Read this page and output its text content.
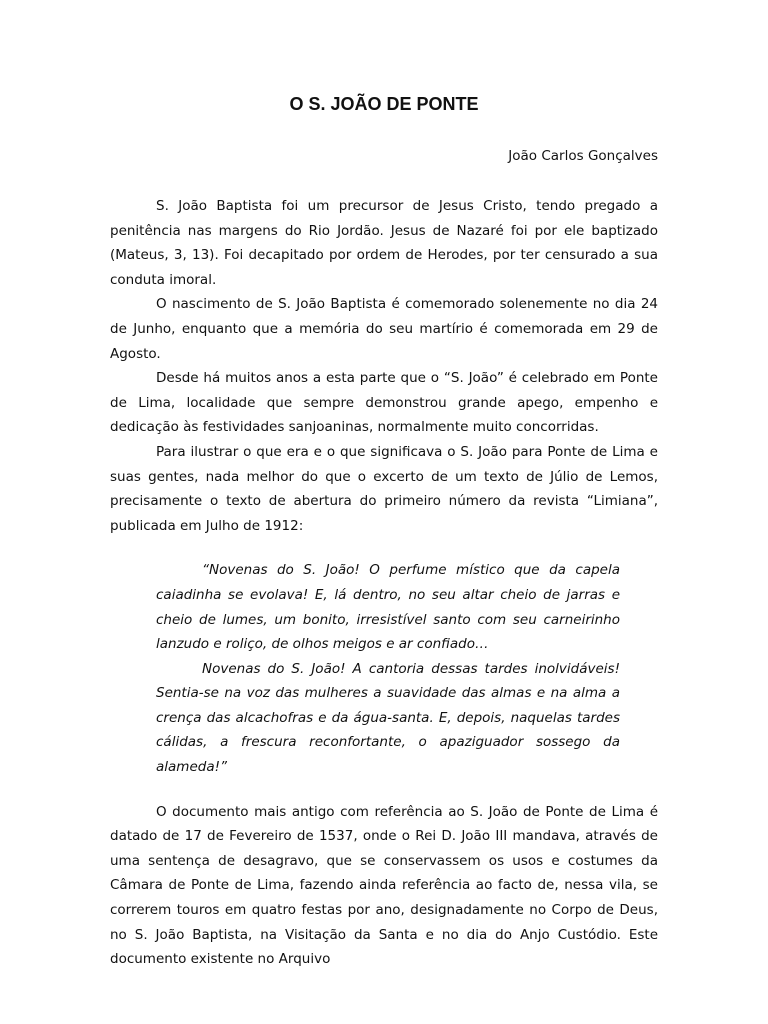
O S. JOÃO DE PONTE
João Carlos Gonçalves

S. João Baptista foi um precursor de Jesus Cristo, tendo pregado a penitência nas margens do Rio Jordão. Jesus de Nazaré foi por ele baptizado (Mateus, 3, 13). Foi decapitado por ordem de Herodes, por ter censurado a sua conduta imoral.

O nascimento de S. João Baptista é comemorado solenemente no dia 24 de Junho, enquanto que a memória do seu martírio é comemorada em 29 de Agosto.

Desde há muitos anos a esta parte que o “S. João” é celebrado em Ponte de Lima, localidade que sempre demonstrou grande apego, empenho e dedicação às festividades sanjoaninas, normalmente muito concorridas.

Para ilustrar o que era e o que significava o S. João para Ponte de Lima e suas gentes, nada melhor do que o excerto de um texto de Júlio de Lemos, precisamente o texto de abertura do primeiro número da revista “Limiana”, publicada em Julho de 1912:

“Novenas do S. João! O perfume místico que da capela caiadinha se evolava! E, lá dentro, no seu altar cheio de jarras e cheio de lumes, um bonito, irresistível santo com seu carneirinho lanzudo e roliço, de olhos meigos e ar confiado…

Novenas do S. João! A cantoria dessas tardes inolvidáveis! Sentia-se na voz das mulheres a suavidade das almas e na alma a crença das alcachofras e da água-santa. E, depois, naquelas tardes cálidas, a frescura reconfortante, o apaziguador sossego da alameda!”

O documento mais antigo com referência ao S. João de Ponte de Lima é datado de 17 de Fevereiro de 1537, onde o Rei D. João III mandava, através de uma sentença de desagravo, que se conservassem os usos e costumes da Câmara de Ponte de Lima, fazendo ainda referência ao facto de, nessa vila, se correrem touros em quatro festas por ano, designadamente no Corpo de Deus, no S. João Baptista, na Visitação da Santa e no dia do Anjo Custódio. Este documento existente no Arquivo
